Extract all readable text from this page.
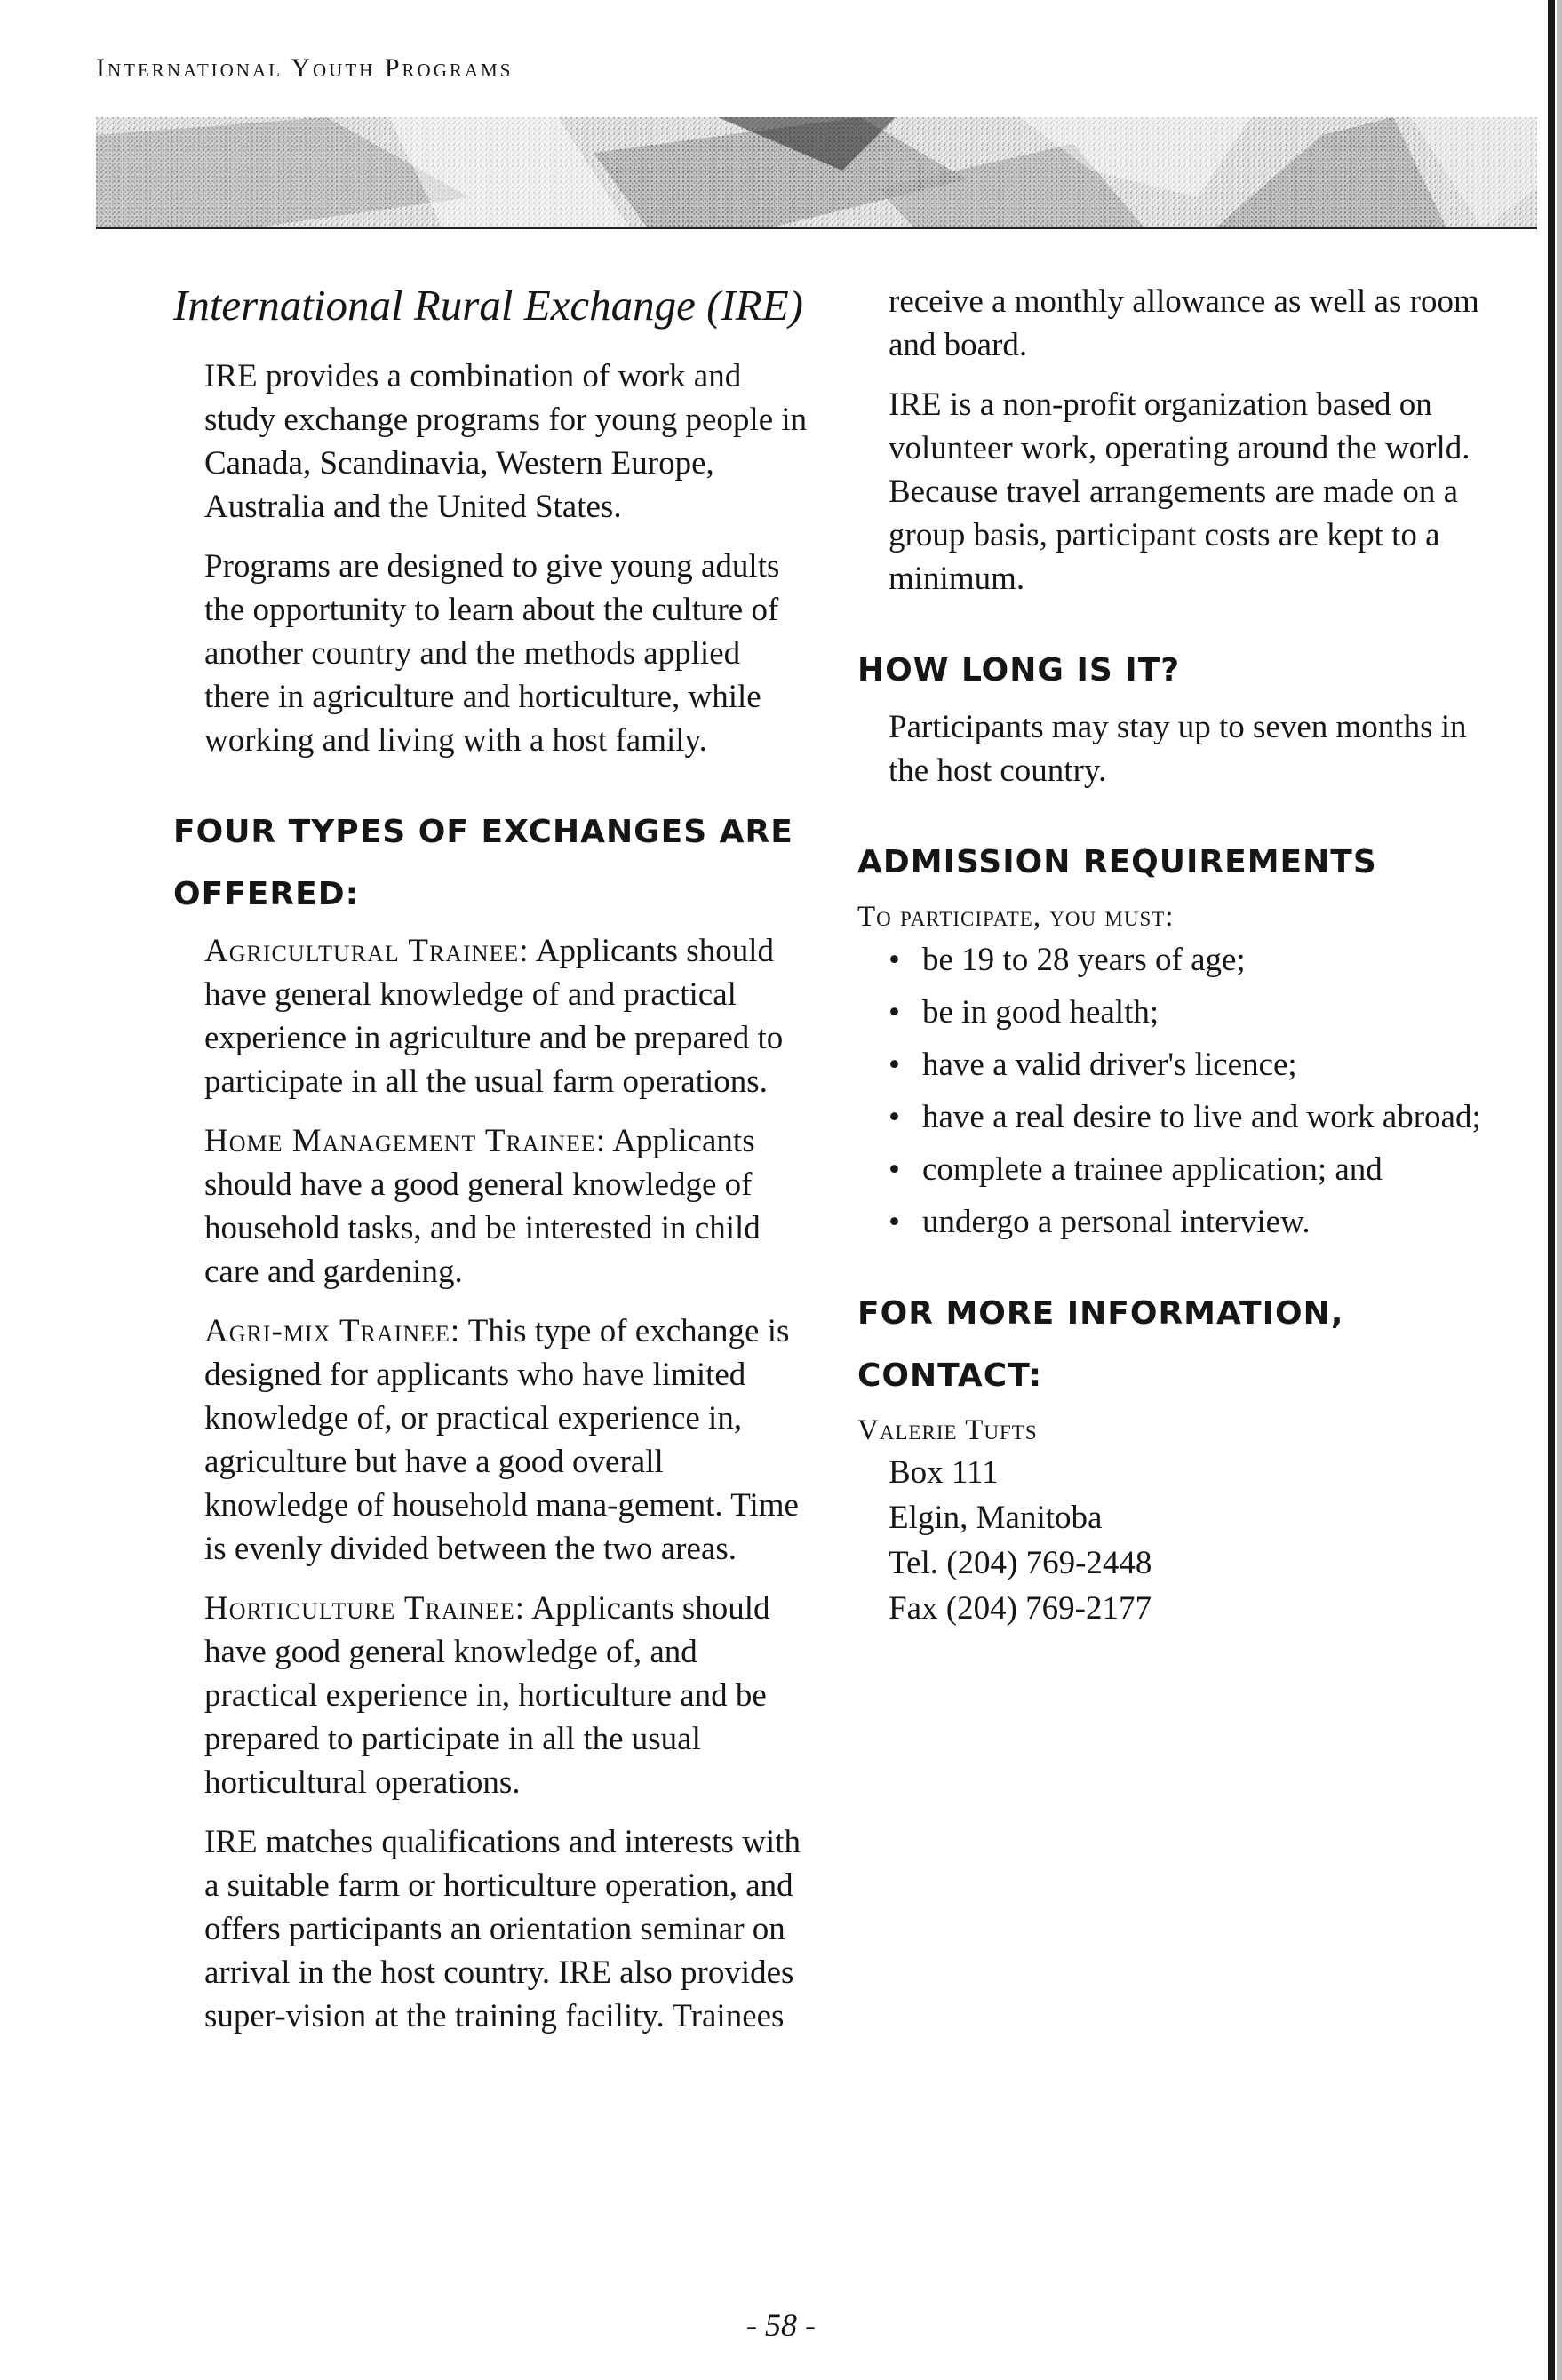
International Youth Programs
International Rural Exchange (IRE)

IRE provides a combination of work and study exchange programs for young people in Canada, Scandinavia, Western Europe, Australia and the United States.

Programs are designed to give young adults the opportunity to learn about the culture of another country and the methods applied there in agriculture and horticulture, while working and living with a host family.

FOUR TYPES OF EXCHANGES ARE OFFERED:

Agricultural Trainee: Applicants should have general knowledge of and practical experience in agriculture and be prepared to participate in all the usual farm operations.

Home Management Trainee: Applicants should have a good general knowledge of household tasks, and be interested in child care and gardening.

Agri-mix Trainee: This type of exchange is designed for applicants who have limited knowledge of, or practical experience in, agriculture but have a good overall knowledge of household mana-gement. Time is evenly divided between the two areas.

Horticulture Trainee: Applicants should have good general knowledge of, and practical experience in, horticulture and be prepared to participate in all the usual horticultural operations.

IRE matches qualifications and interests with a suitable farm or horticulture operation, and offers participants an orientation seminar on arrival in the host country. IRE also provides super-vision at the training facility. Trainees

receive a monthly allowance as well as room and board.

IRE is a non-profit organization based on volunteer work, operating around the world. Because travel arrangements are made on a group basis, participant costs are kept to a minimum.

HOW LONG IS IT?

Participants may stay up to seven months in the host country.

ADMISSION REQUIREMENTS
To participate, you must:
• be 19 to 28 years of age;
• be in good health;
• have a valid driver's licence;
• have a real desire to live and work abroad;
• complete a trainee application; and
• undergo a personal interview.
FOR MORE INFORMATION, CONTACT:
Valerie Tufts
Box 111
Elgin, Manitoba
Tel. (204) 769-2448
Fax (204) 769-2177
- 58 -
